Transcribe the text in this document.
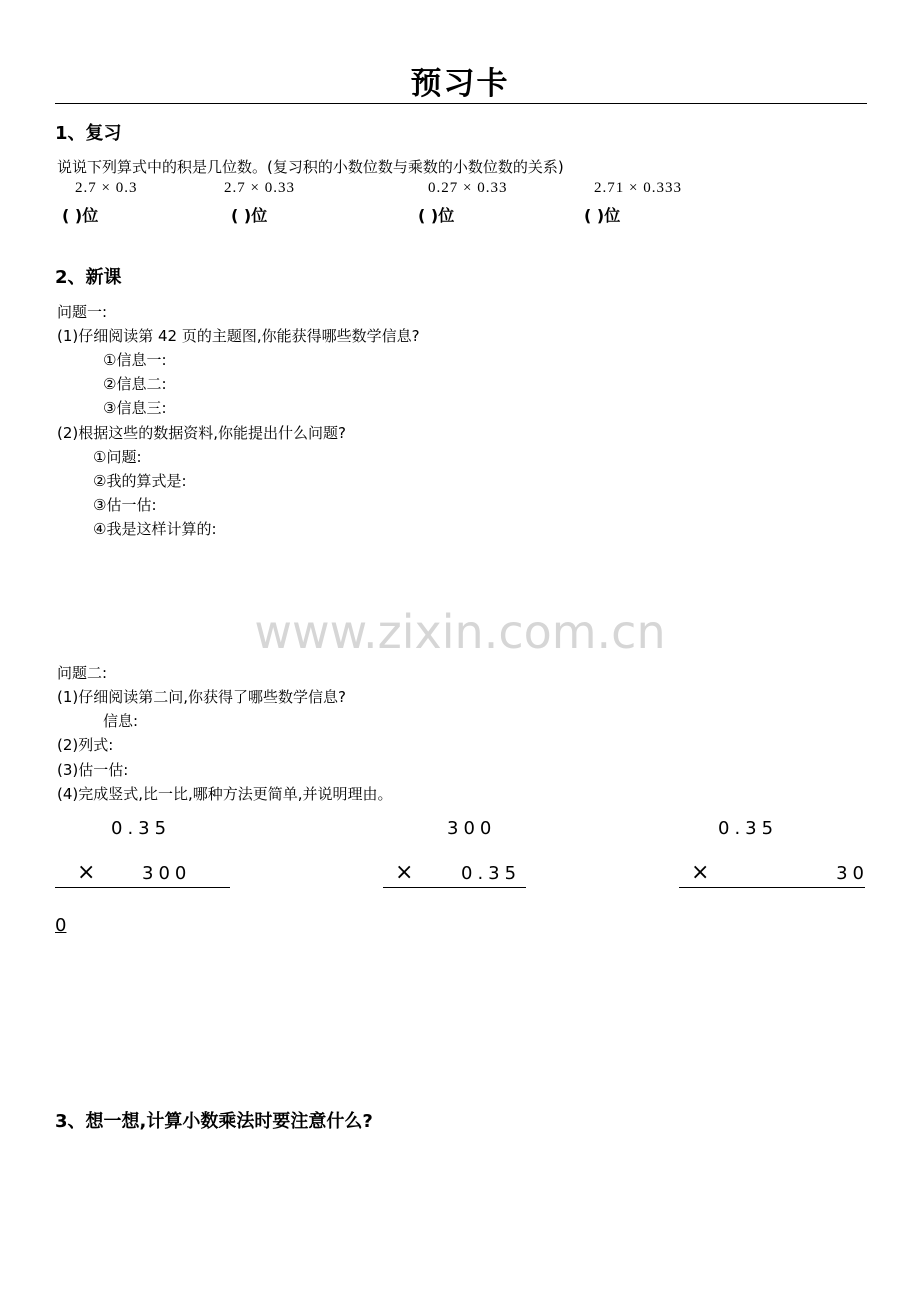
预习卡
1、复习
说说下列算式中的积是几位数。(复习积的小数位数与乘数的小数位数的关系)
2.7 × 0.3	2.7 × 0.33	0.27 × 0.33	2.71 × 0.333
( )位	( )位	( )位	( )位
2、新课
问题一:
(1)仔细阅读第 42 页的主题图,你能获得哪些数学信息?
①信息一:
②信息二:
③信息三:
(2)根据这些的数据资料,你能提出什么问题?
①问题:
②我的算式是:
③估一估:
④我是这样计算的:
www.zixin.com.cn
问题二:
(1)仔细阅读第二问,你获得了哪些数学信息?
信息:
(2)列式:
(3)估一估:
(4)完成竖式,比一比,哪种方法更简单,并说明理由。
0.35
×	300
300
×	0.35
0.35
×	30
0
3、想一想,计算小数乘法时要注意什么?
